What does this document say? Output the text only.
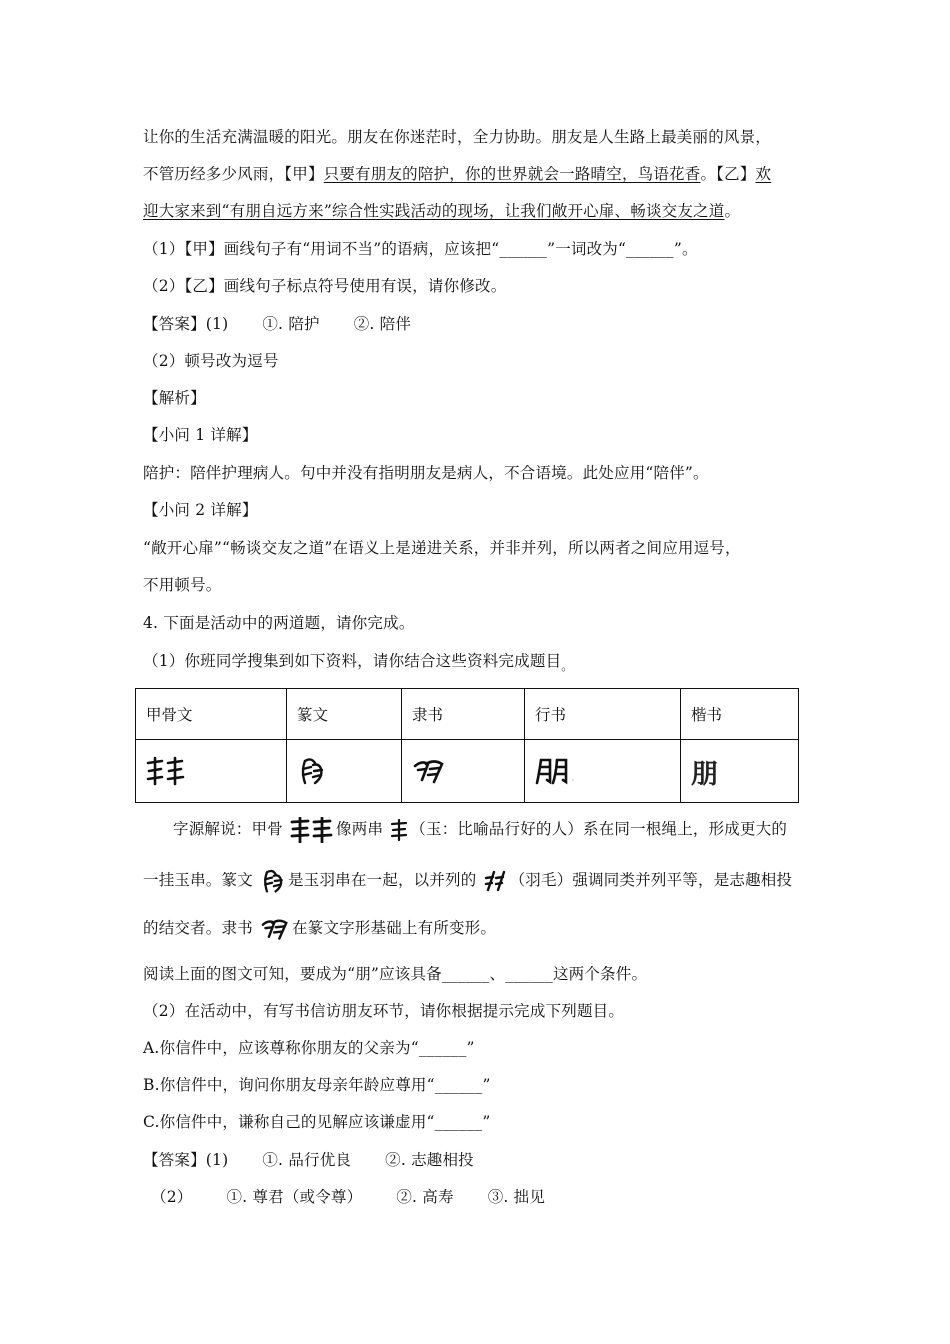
让你的生活充满温暖的阳光。朋友在你迷茫时，全力协助。朋友是人生路上最美丽的风景，
不管历经多少风雨，【甲】只要有朋友的陪护，你的世界就会一路晴空，鸟语花香。【乙】欢
迎大家来到“有朋自远方来”综合性实践活动的现场，让我们敞开心扉、畅谈交友之道。
（1）【甲】画线句子有“用词不当”的语病，应该把“______”一词改为“______”。
（2）【乙】画线句子标点符号使用有误，请你修改。
【答案】(1) ①. 陪护 ②. 陪伴
（2）顿号改为逗号
【解析】
【小问 1 详解】
陪护：陪伴护理病人。句中并没有指明朋友是病人，不合语境。此处应用“陪伴”。
【小问 2 详解】
“敞开心扉”“畅谈交友之道”在语义上是递进关系，并非并列，所以两者之间应用逗号，
不用顿号。
4. 下面是活动中的两道题，请你完成。
（1）你班同学搜集到如下资料，请你结合这些资料完成题目$_。$
甲骨文	篆文	隶书	行书	楷书
				朋
字源解说：甲骨	像两串 （玉：比喻品行好的人）系在同一根绳上，形成更大的
一挂玉串。篆文 是玉羽串在一起，以并列的 （羽毛）强调同类并列平等，是志趣相投
的结交者。隶书	在篆文字形基础上有所变形。
阅读上面的图文可知，要成为“朋”应该具备______、______这两个条件。
（2）在活动中，有写书信访朋友环节，请你根据提示完成下列题目。
A.你信件中，应该尊称你朋友的父亲为“______”
B.你信件中，询问你朋友母亲年龄应尊用“______”
C.你信件中，谦称自己的见解应该谦虚用“______”
【答案】(1) ①. 品行优良 ②. 志趣相投
（2） ①. 尊君（或令尊） ②. 高寿 ③. 拙见
